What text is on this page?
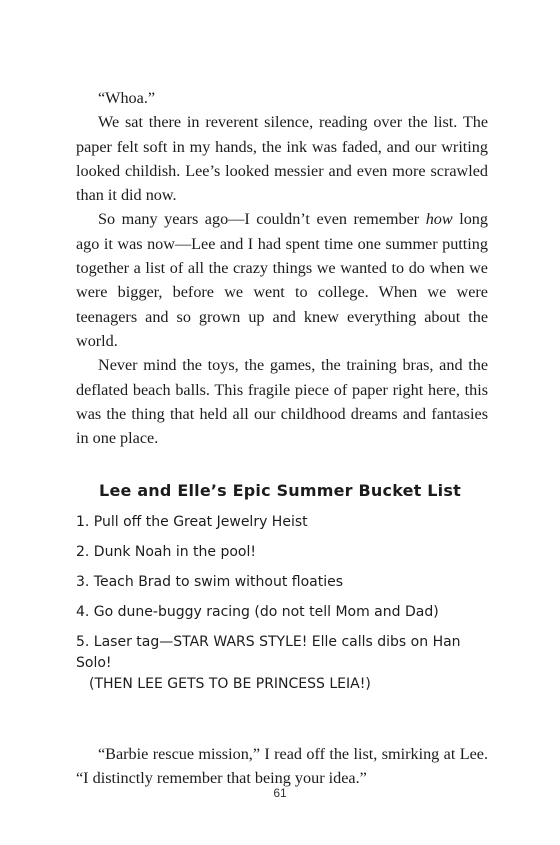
“Whoa.”

We sat there in reverent silence, reading over the list. The paper felt soft in my hands, the ink was faded, and our writing looked childish. Lee’s looked messier and even more scrawled than it did now.

So many years ago—I couldn’t even remember how long ago it was now—Lee and I had spent time one summer putting together a list of all the crazy things we wanted to do when we were bigger, before we went to college. When we were teenagers and so grown up and knew everything about the world.

Never mind the toys, the games, the training bras, and the deflated beach balls. This fragile piece of paper right here, this was the thing that held all our childhood dreams and fantasies in one place.

Lee and Elle’s Epic Summer Bucket List
1. Pull off the Great Jewelry Heist
2. Dunk Noah in the pool!
3. Teach Brad to swim without floaties
4. Go dune-buggy racing (do not tell Mom and Dad)
5. Laser tag—STAR WARS STYLE! Elle calls dibs on Han Solo!
(THEN LEE GETS TO BE PRINCESS LEIA!)

“Barbie rescue mission,” I read off the list, smirking at Lee. “I distinctly remember that being your idea.”

61
